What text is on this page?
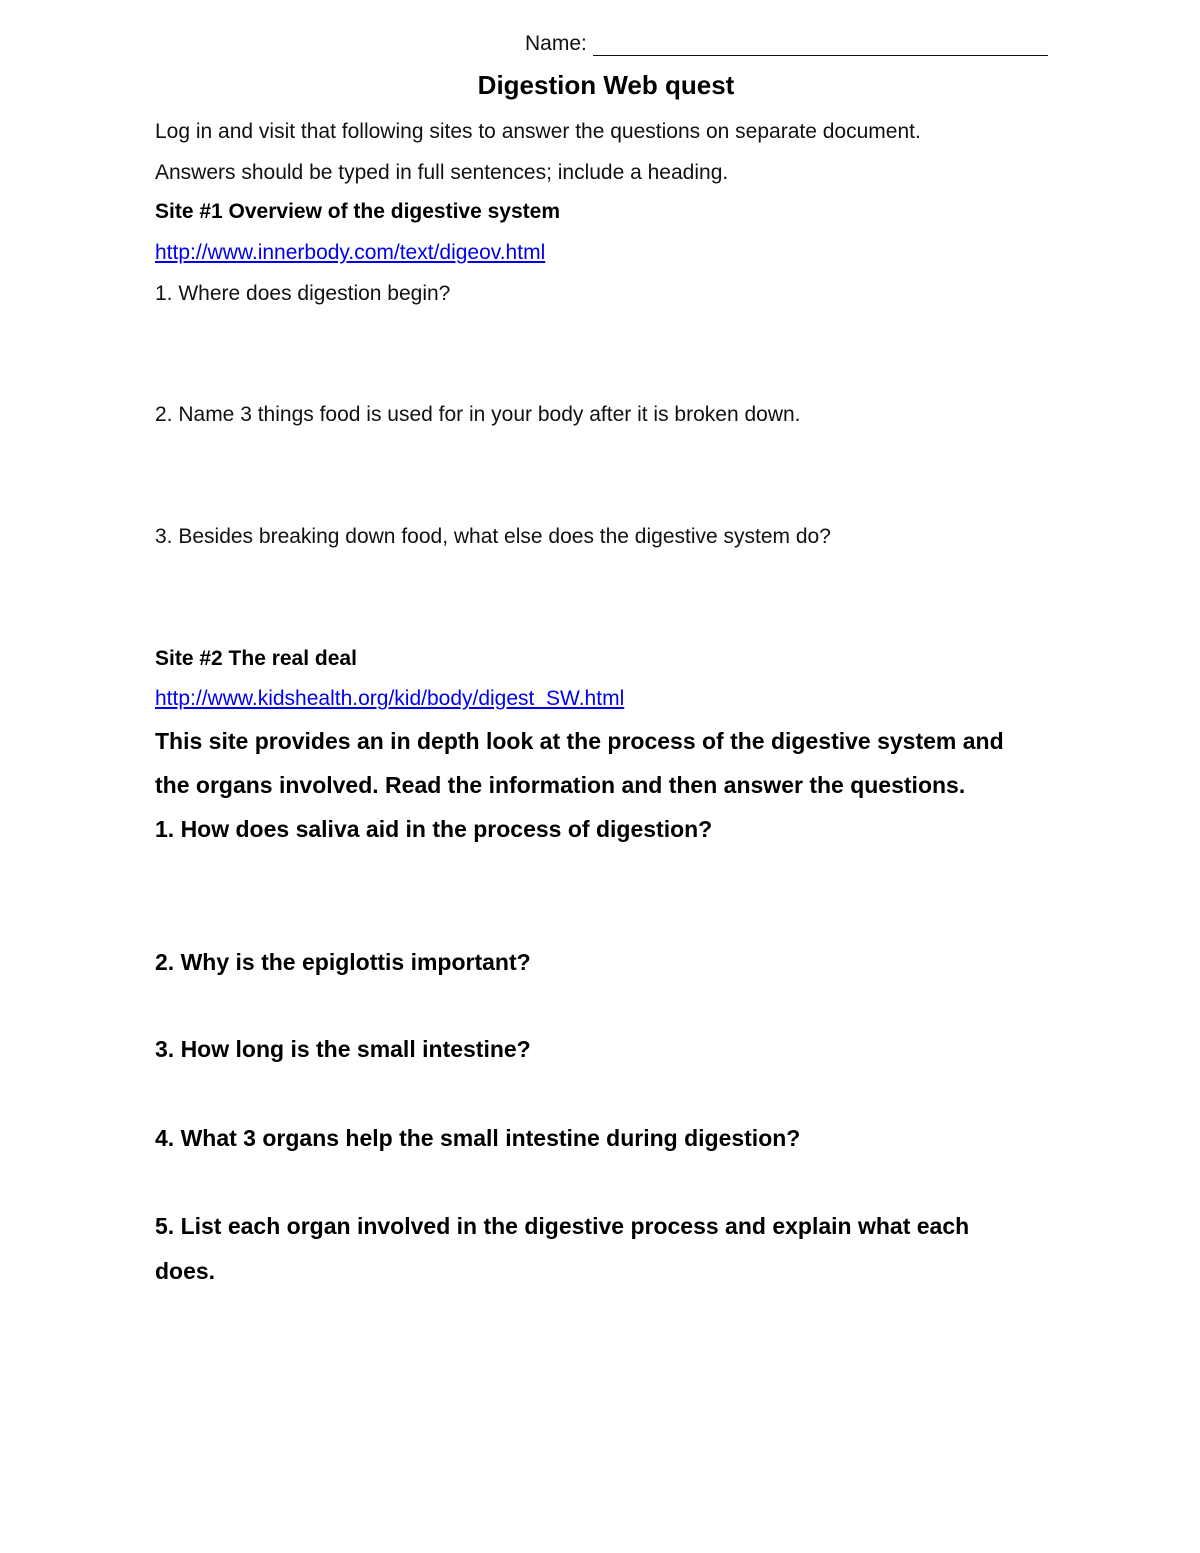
Name:
Digestion Web quest
Log in and visit that following sites to answer the questions on separate document.
Answers should be typed in full sentences; include a heading.
Site #1 Overview of the digestive system
http://www.innerbody.com/text/digeov.html
1. Where does digestion begin?
2. Name 3 things food is used for in your body after it is broken down.
3. Besides breaking down food, what else does the digestive system do?
Site #2 The real deal
http://www.kidshealth.org/kid/body/digest_SW.html
This site provides an in depth look at the process of the digestive system and
the organs involved. Read the information and then answer the questions.
1. How does saliva aid in the process of digestion?
2. Why is the epiglottis important?
3. How long is the small intestine?
4. What 3 organs help the small intestine during digestion?
5. List each organ involved in the digestive process and explain what each
does.
